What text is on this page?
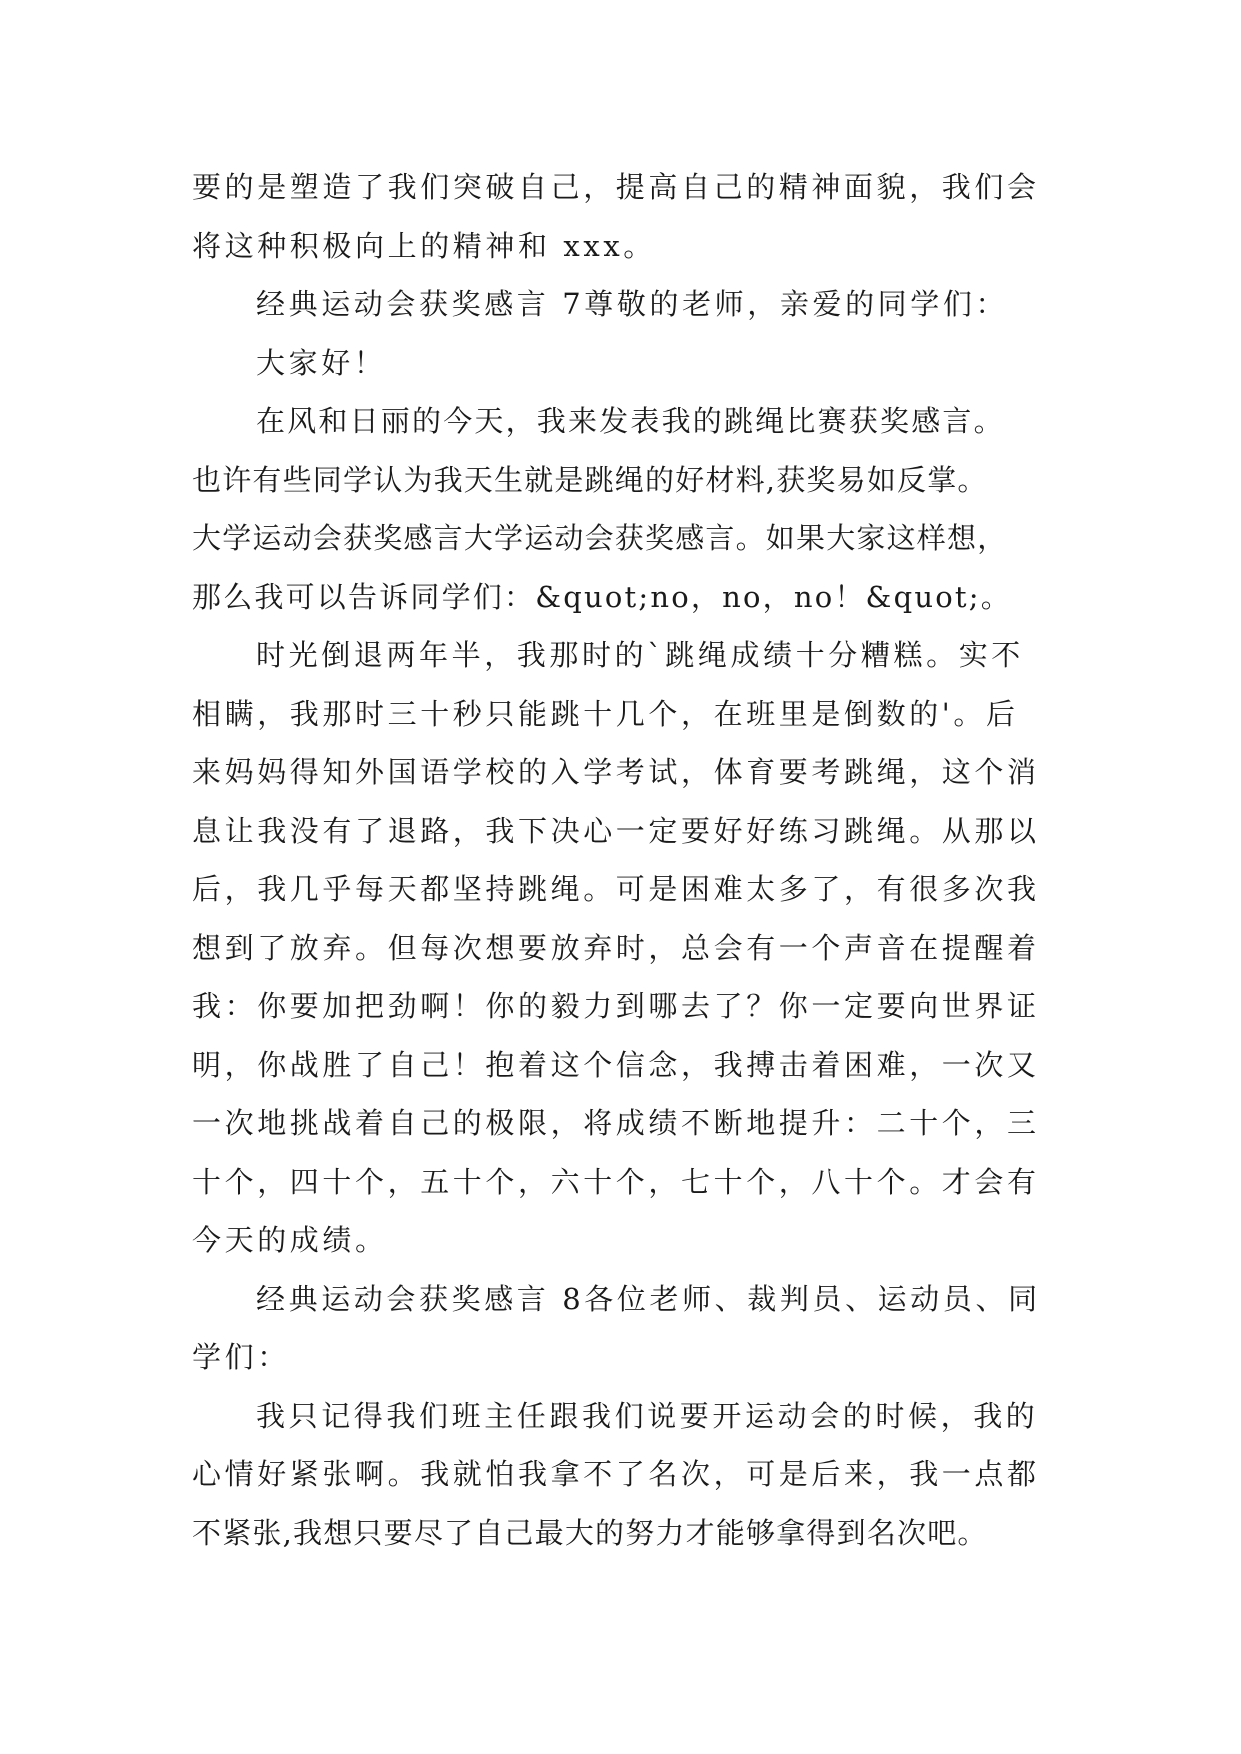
要的是塑造了我们突破自己，提高自己的精神面貌，我们会
将这种积极向上的精神和 xxx。
经典运动会获奖感言 7尊敬的老师，亲爱的同学们：
大家好！
在风和日丽的今天，我来发表我的跳绳比赛获奖感言。
也许有些同学认为我天生就是跳绳的好材料,获奖易如反掌。
大学运动会获奖感言大学运动会获奖感言。如果大家这样想，
那么我可以告诉同学们：&quot;no，no，no！&quot;。
时光倒退两年半，我那时的`跳绳成绩十分糟糕。实不
相瞒，我那时三十秒只能跳十几个，在班里是倒数的'。后
来妈妈得知外国语学校的入学考试，体育要考跳绳，这个消
息让我没有了退路，我下决心一定要好好练习跳绳。从那以
后，我几乎每天都坚持跳绳。可是困难太多了，有很多次我
想到了放弃。但每次想要放弃时，总会有一个声音在提醒着
我：你要加把劲啊！你的毅力到哪去了？你一定要向世界证
明，你战胜了自己！抱着这个信念，我搏击着困难，一次又
一次地挑战着自己的极限，将成绩不断地提升：二十个，三
十个，四十个，五十个，六十个，七十个，八十个。才会有
今天的成绩。
经典运动会获奖感言 8各位老师、裁判员、运动员、同
学们：
我只记得我们班主任跟我们说要开运动会的时候，我的
心情好紧张啊。我就怕我拿不了名次，可是后来，我一点都
不紧张,我想只要尽了自己最大的努力才能够拿得到名次吧。
